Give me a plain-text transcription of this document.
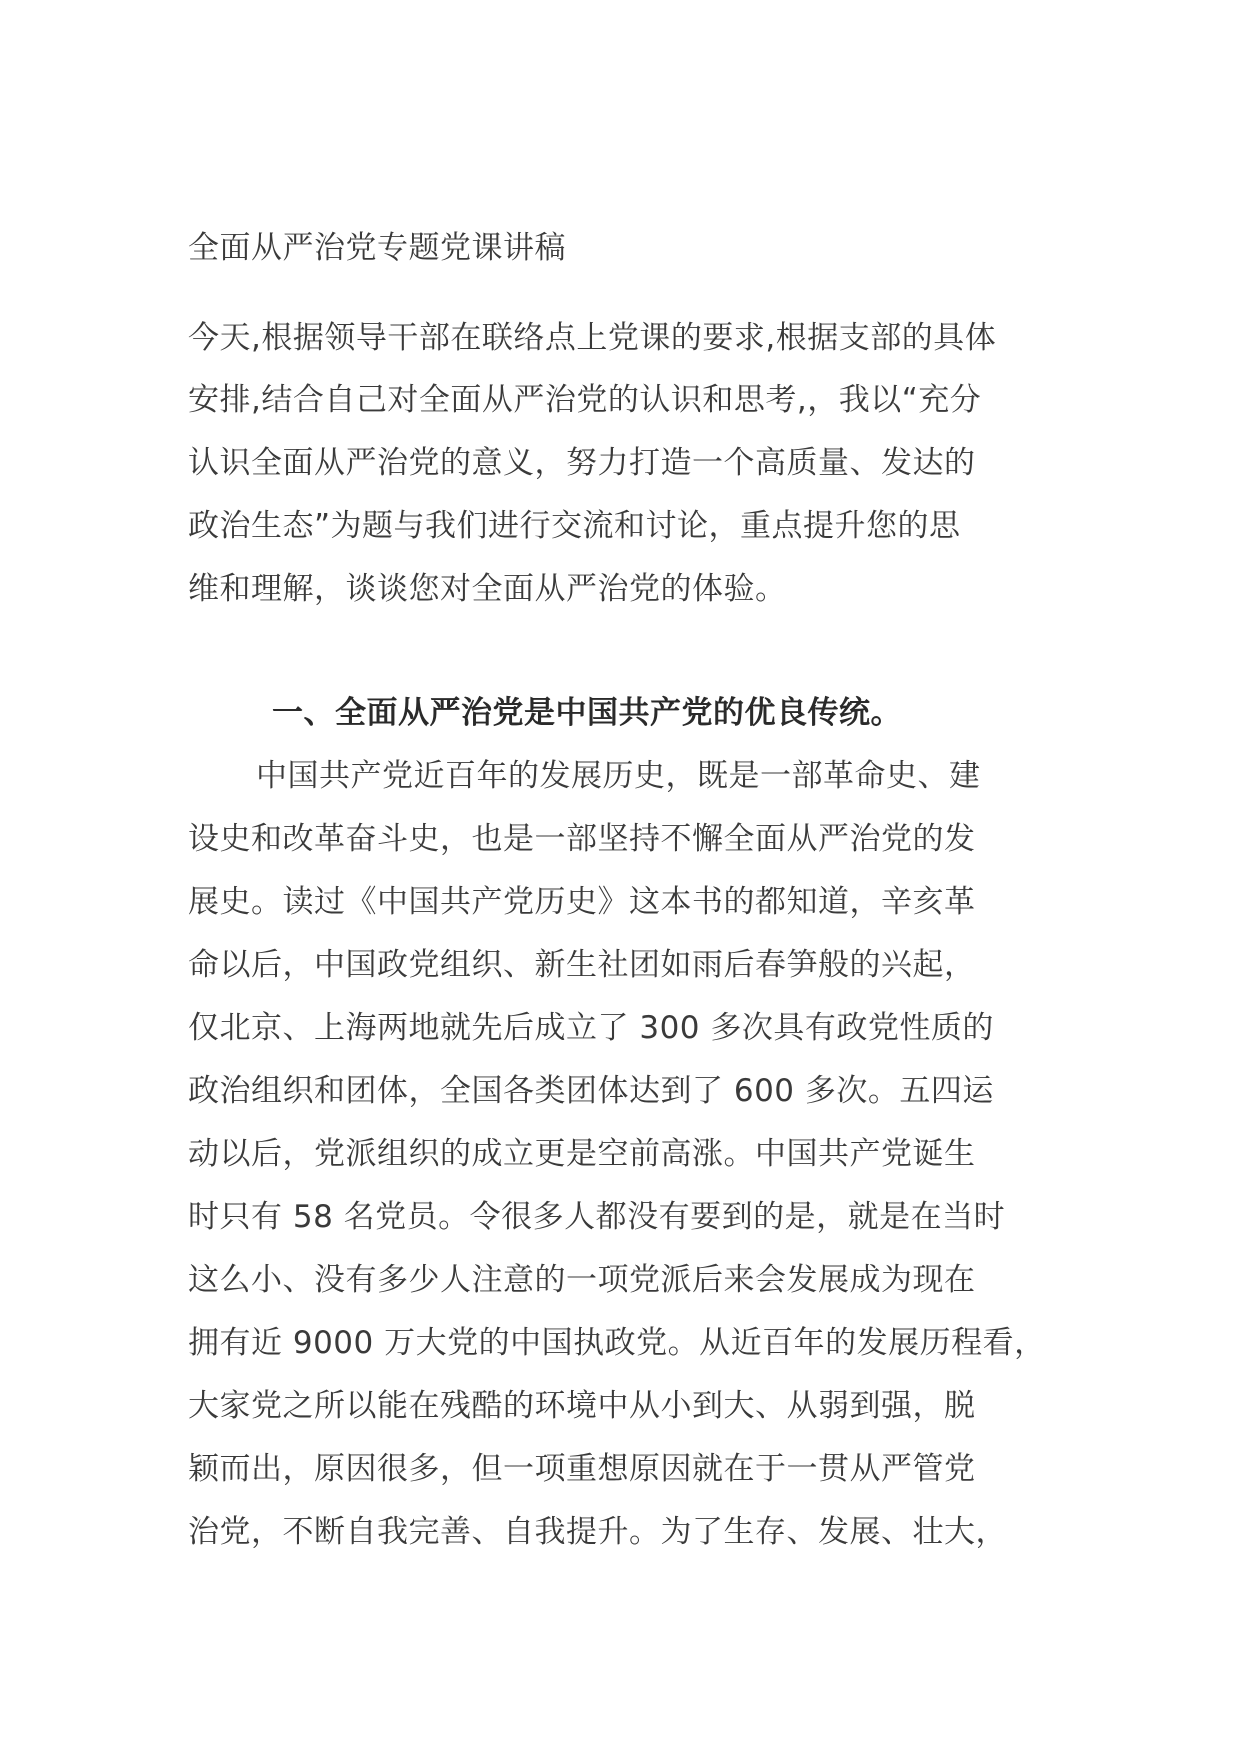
全面从严治党专题党课讲稿
今天,根据领导干部在联络点上党课的要求,根据支部的具体
安排,结合自己对全面从严治党的认识和思考,，我以“充分
认识全面从严治党的意义，努力打造一个高质量、发达的
政治生态”为题与我们进行交流和讨论，重点提升您的思
维和理解，谈谈您对全面从严治党的体验。
一、全面从严治党是中国共产党的优良传统。
中国共产党近百年的发展历史，既是一部革命史、建
设史和改革奋斗史，也是一部坚持不懈全面从严治党的发
展史。读过《中国共产党历史》这本书的都知道，辛亥革
命以后，中国政党组织、新生社团如雨后春笋般的兴起，
仅北京、上海两地就先后成立了 300 多次具有政党性质的
政治组织和团体，全国各类团体达到了 600 多次。五四运
动以后，党派组织的成立更是空前高涨。中国共产党诞生
时只有 58 名党员。令很多人都没有要到的是，就是在当时
这么小、没有多少人注意的一项党派后来会发展成为现在
拥有近 9000 万大党的中国执政党。从近百年的发展历程看，
大家党之所以能在残酷的环境中从小到大、从弱到强，脱
颖而出，原因很多，但一项重想原因就在于一贯从严管党
治党，不断自我完善、自我提升。为了生存、发展、壮大，
